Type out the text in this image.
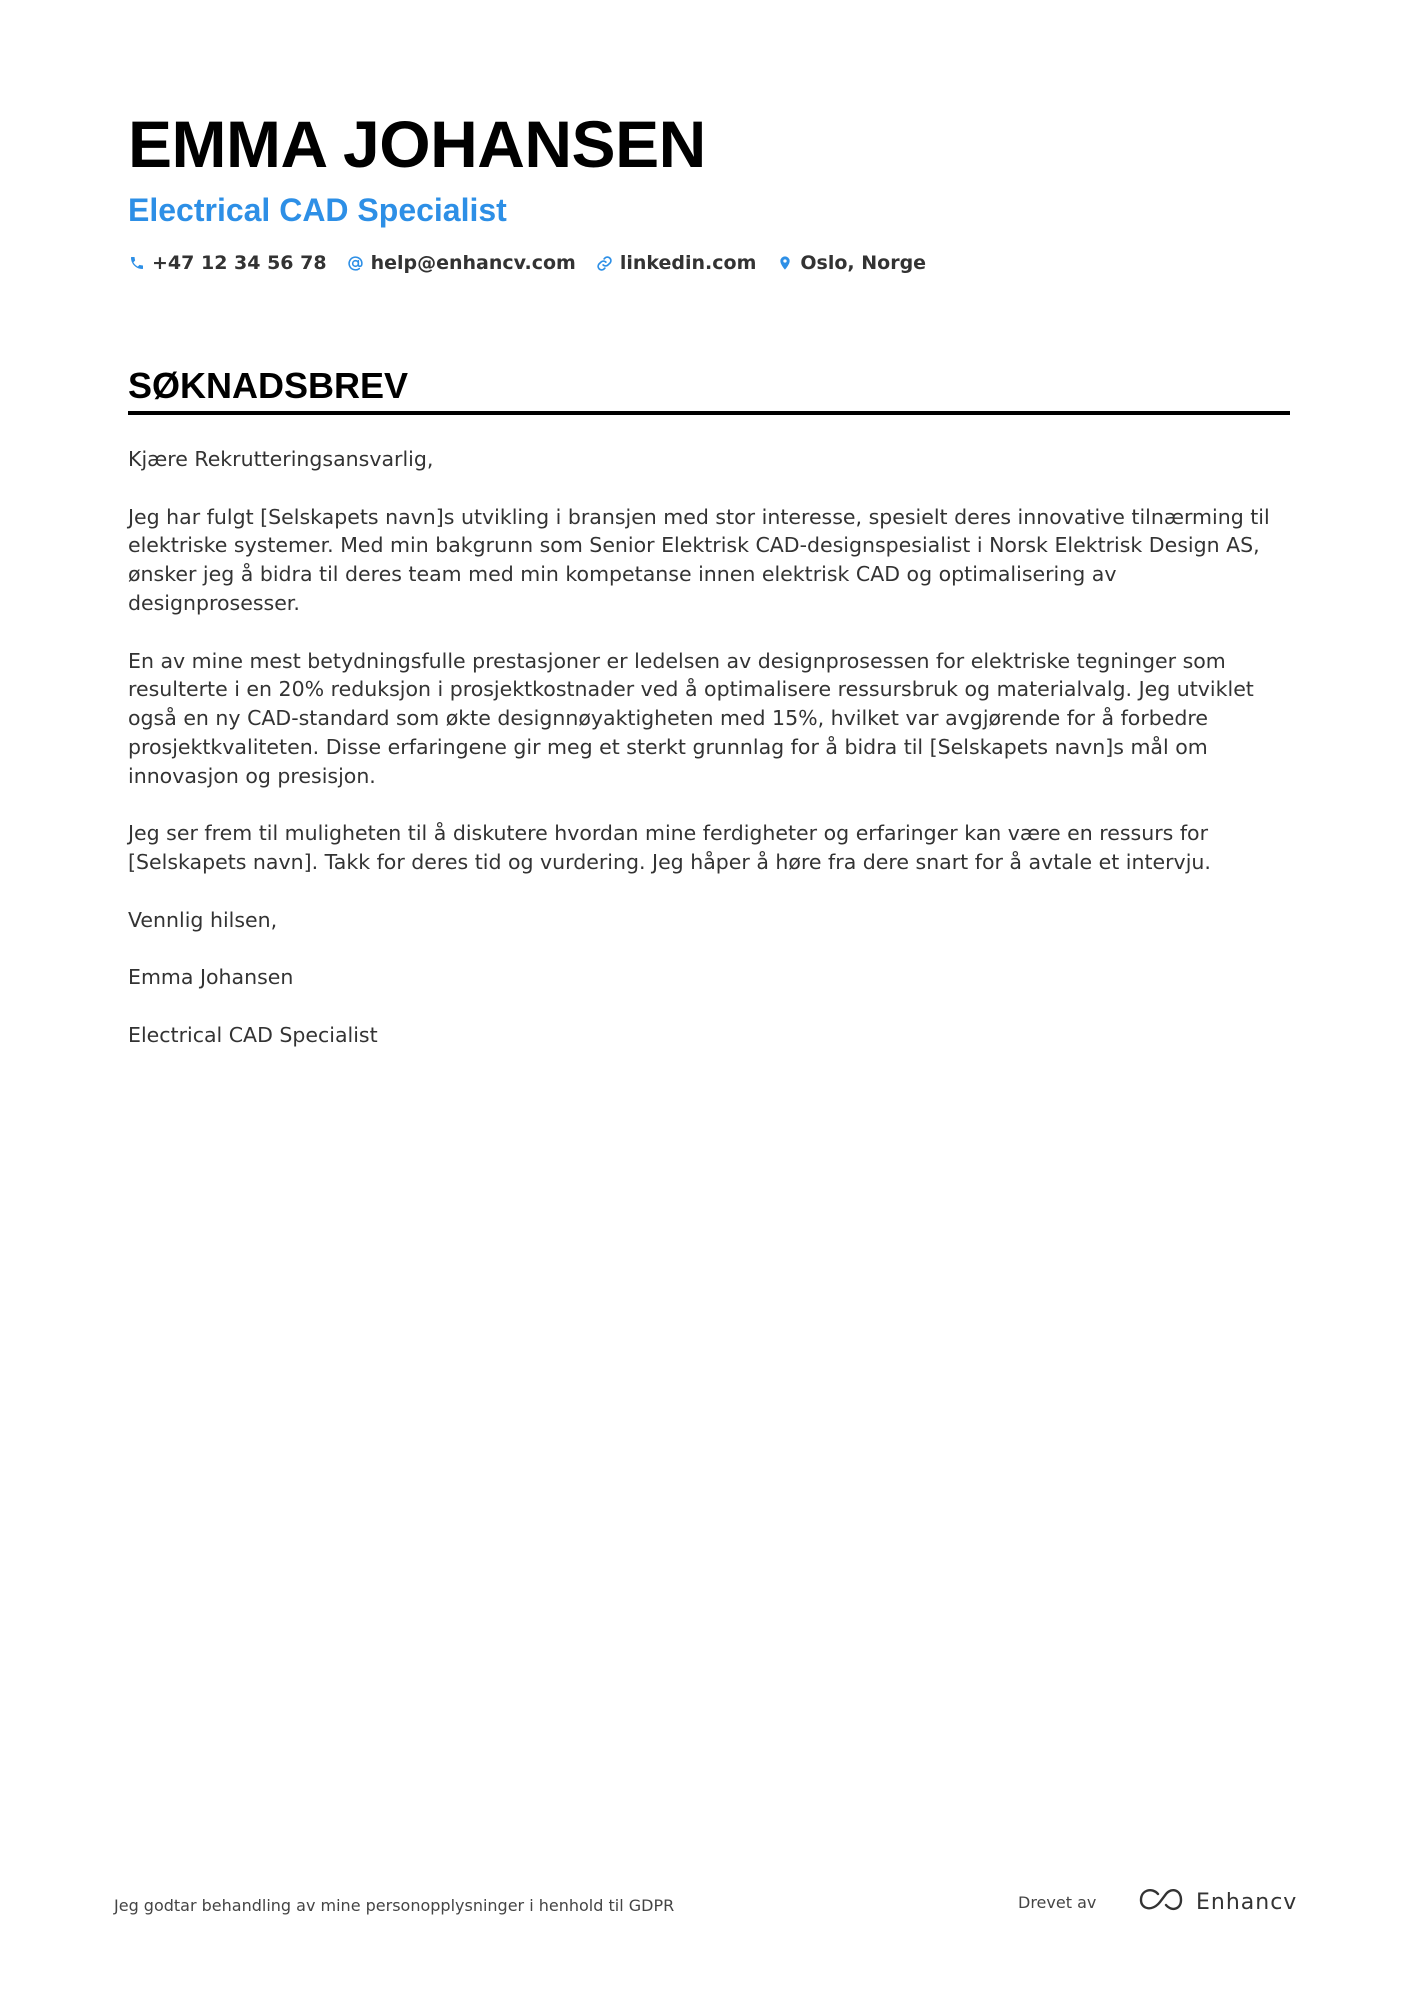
EMMA JOHANSEN
Electrical CAD Specialist
+47 12 34 56 78 help@enhancv.com linkedin.com Oslo, Norge
SØKNADSBREV

Kjære Rekrutteringsansvarlig,

Jeg har fulgt [Selskapets navn]s utvikling i bransjen med stor interesse, spesielt deres innovative tilnærming til elektriske systemer. Med min bakgrunn som Senior Elektrisk CAD-designspesialist i Norsk Elektrisk Design AS, ønsker jeg å bidra til deres team med min kompetanse innen elektrisk CAD og optimalisering av designprosesser.

En av mine mest betydningsfulle prestasjoner er ledelsen av designprosessen for elektriske tegninger som resulterte i en 20% reduksjon i prosjektkostnader ved å optimalisere ressursbruk og materialvalg. Jeg utviklet også en ny CAD-standard som økte designnøyaktigheten med 15%, hvilket var avgjørende for å forbedre prosjektkvaliteten. Disse erfaringene gir meg et sterkt grunnlag for å bidra til [Selskapets navn]s mål om innovasjon og presisjon.

Jeg ser frem til muligheten til å diskutere hvordan mine ferdigheter og erfaringer kan være en ressurs for [Selskapets navn]. Takk for deres tid og vurdering. Jeg håper å høre fra dere snart for å avtale et intervju.

Vennlig hilsen,

Emma Johansen

Electrical CAD Specialist

Jeg godtar behandling av mine personopplysninger i henhold til GDPR	Drevet av	Enhancv
